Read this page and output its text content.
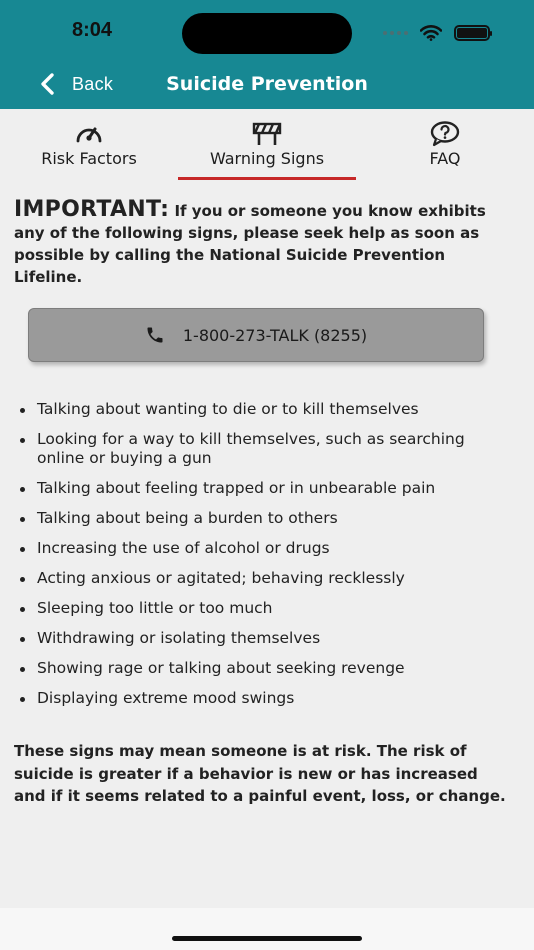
8:04
Back	Suicide Prevention
Risk Factors	Warning Signs	FAQ

IMPORTANT: If you or someone you know exhibits any of the following signs, please seek help as soon as possible by calling the National Suicide Prevention Lifeline.

1-800-273-TALK (8255)
Talking about wanting to die or to kill themselves
Looking for a way to kill themselves, such as searching online or buying a gun
Talking about feeling trapped or in unbearable pain
Talking about being a burden to others
Increasing the use of alcohol or drugs
Acting anxious or agitated; behaving recklessly
Sleeping too little or too much
Withdrawing or isolating themselves
Showing rage or talking about seeking revenge
Displaying extreme mood swings

These signs may mean someone is at risk. The risk of suicide is greater if a behavior is new or has increased and if it seems related to a painful event, loss, or change.
